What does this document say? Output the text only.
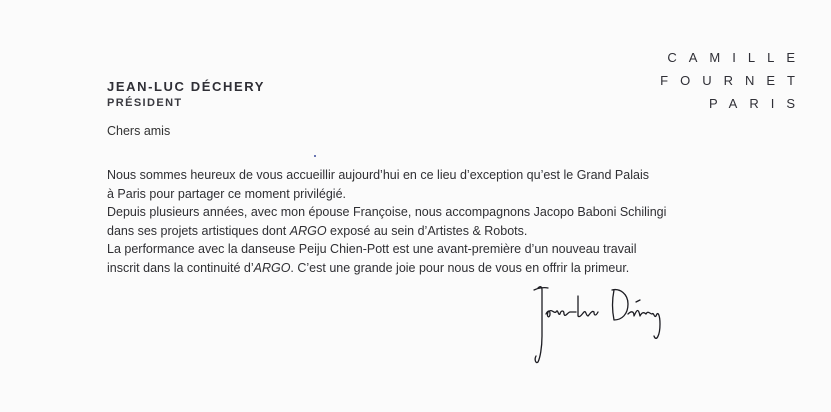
JEAN-LUC DÉCHERY
PRÉSIDENT
CAMILLE
FOURNET
PARIS
Chers amis

Nous sommes heureux de vous accueillir aujourd’hui en ce lieu d’exception qu’est le Grand Palais

à Paris pour partager ce moment privilégié.

Depuis plusieurs années, avec mon épouse Françoise, nous accompagnons Jacopo Baboni Schilingi

dans ses projets artistiques dont ARGO exposé au sein d’Artistes & Robots.

La performance avec la danseuse Peiju Chien-Pott est une avant-première d’un nouveau travail

inscrit dans la continuité d’ARGO. C’est une grande joie pour nous de vous en offrir la primeur.
